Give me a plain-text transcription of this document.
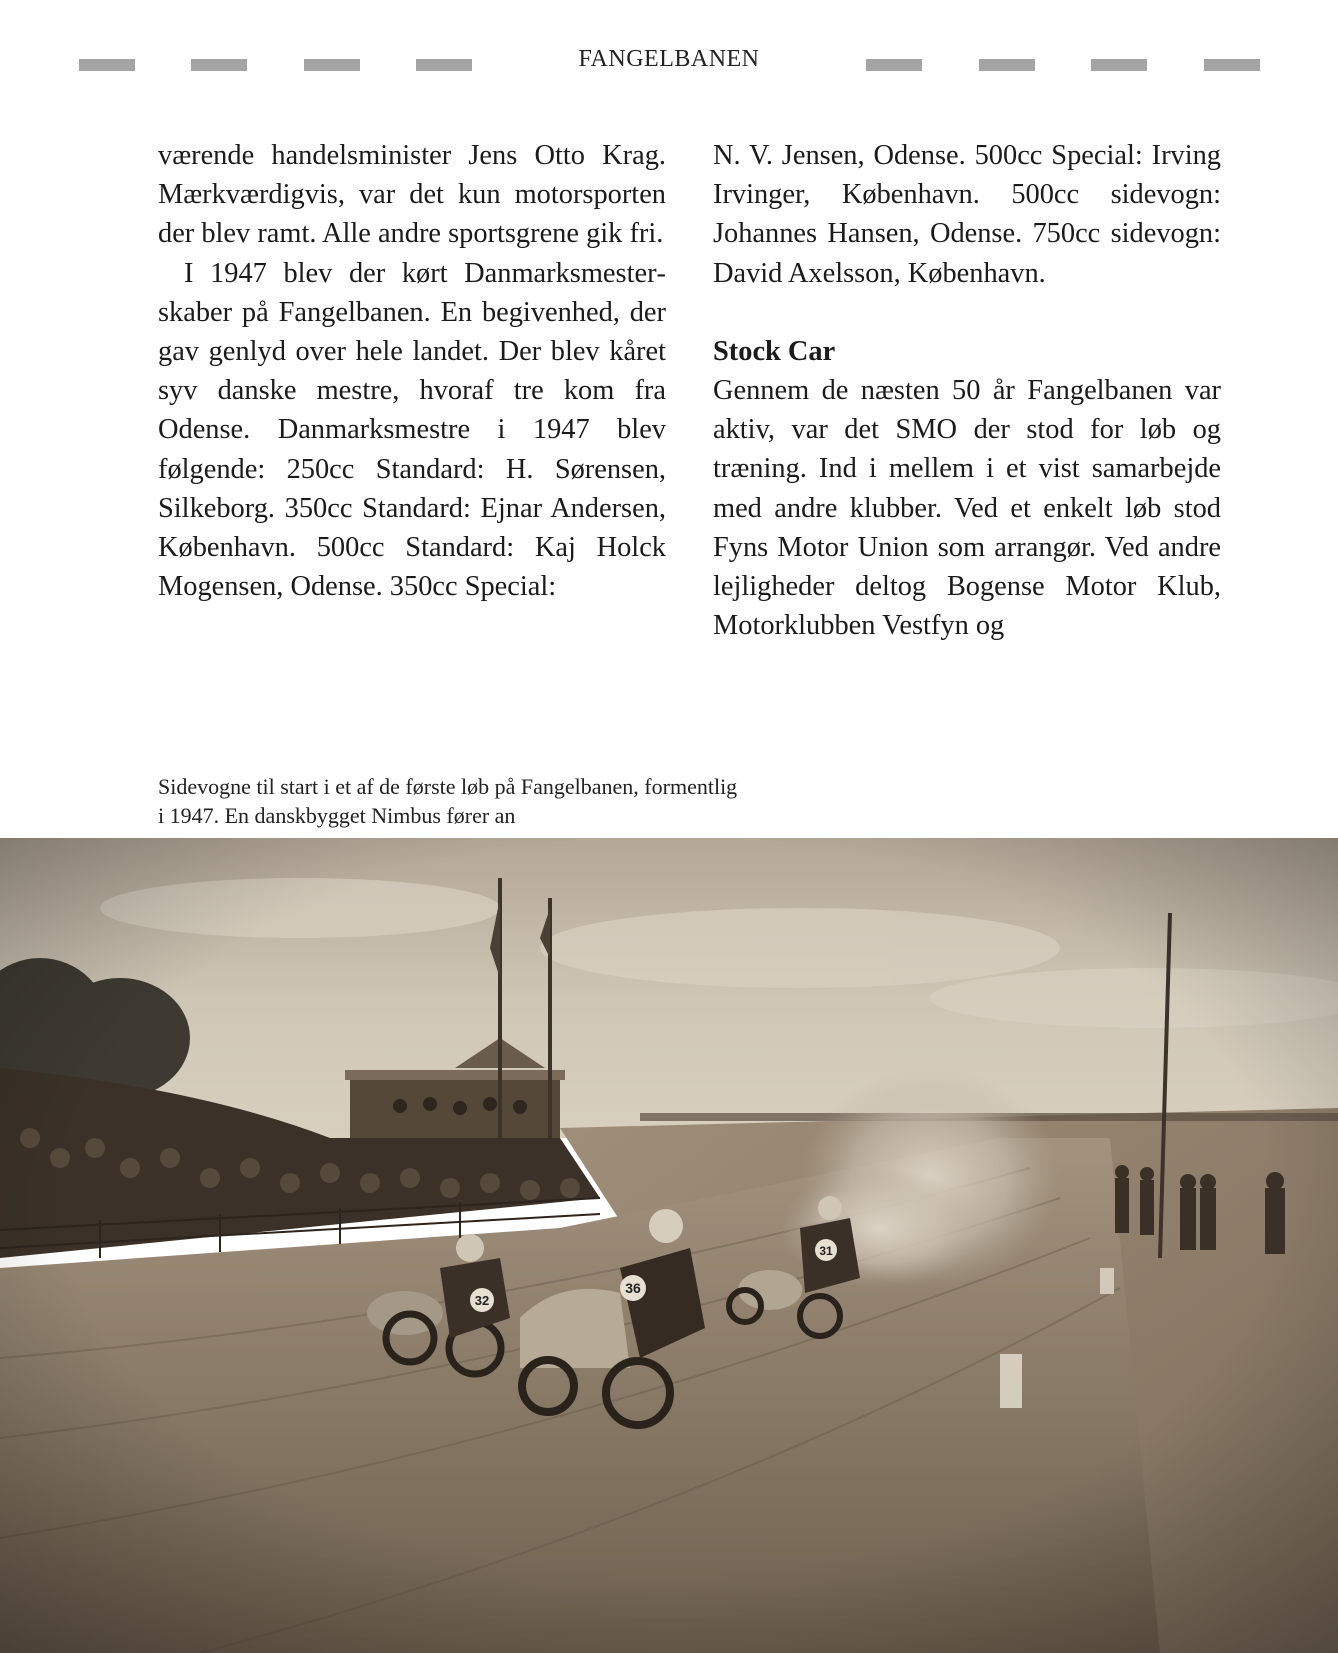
FANGELBANEN

værende handelsminister Jens Otto Krag. Mærkværdigvis, var det kun motorsporten der blev ramt. Alle andre sportsgrene gik fri.

I 1947 blev der kørt Danmarksmesterskaber på Fangelbanen. En begivenhed, der gav genlyd over hele landet. Der blev kåret syv danske mestre, hvoraf tre kom fra Odense. Danmarksmestre i 1947 blev følgende: 250cc Standard: H. Sørensen, Silkeborg. 350cc Standard: Ejnar Andersen, København. 500cc Standard: Kaj Holck Mogensen, Odense. 350cc Special:

N. V. Jensen, Odense. 500cc Special: Irving Irvinger, København. 500cc sidevogn: Johannes Hansen, Odense. 750cc sidevogn: David Axelsson, København.

Stock Car

Gennem de næsten 50 år Fangelbanen var aktiv, var det SMO der stod for løb og træning. Ind i mellem i et vist samarbejde med andre klubber. Ved et enkelt løb stod Fyns Motor Union som arrangør. Ved andre lejligheder deltog Bogense Motor Klub, Motorklubben Vestfyn og

Sidevogne til start i et af de første løb på Fangelbanen, formentlig
i 1947. En danskbygget Nimbus fører an
